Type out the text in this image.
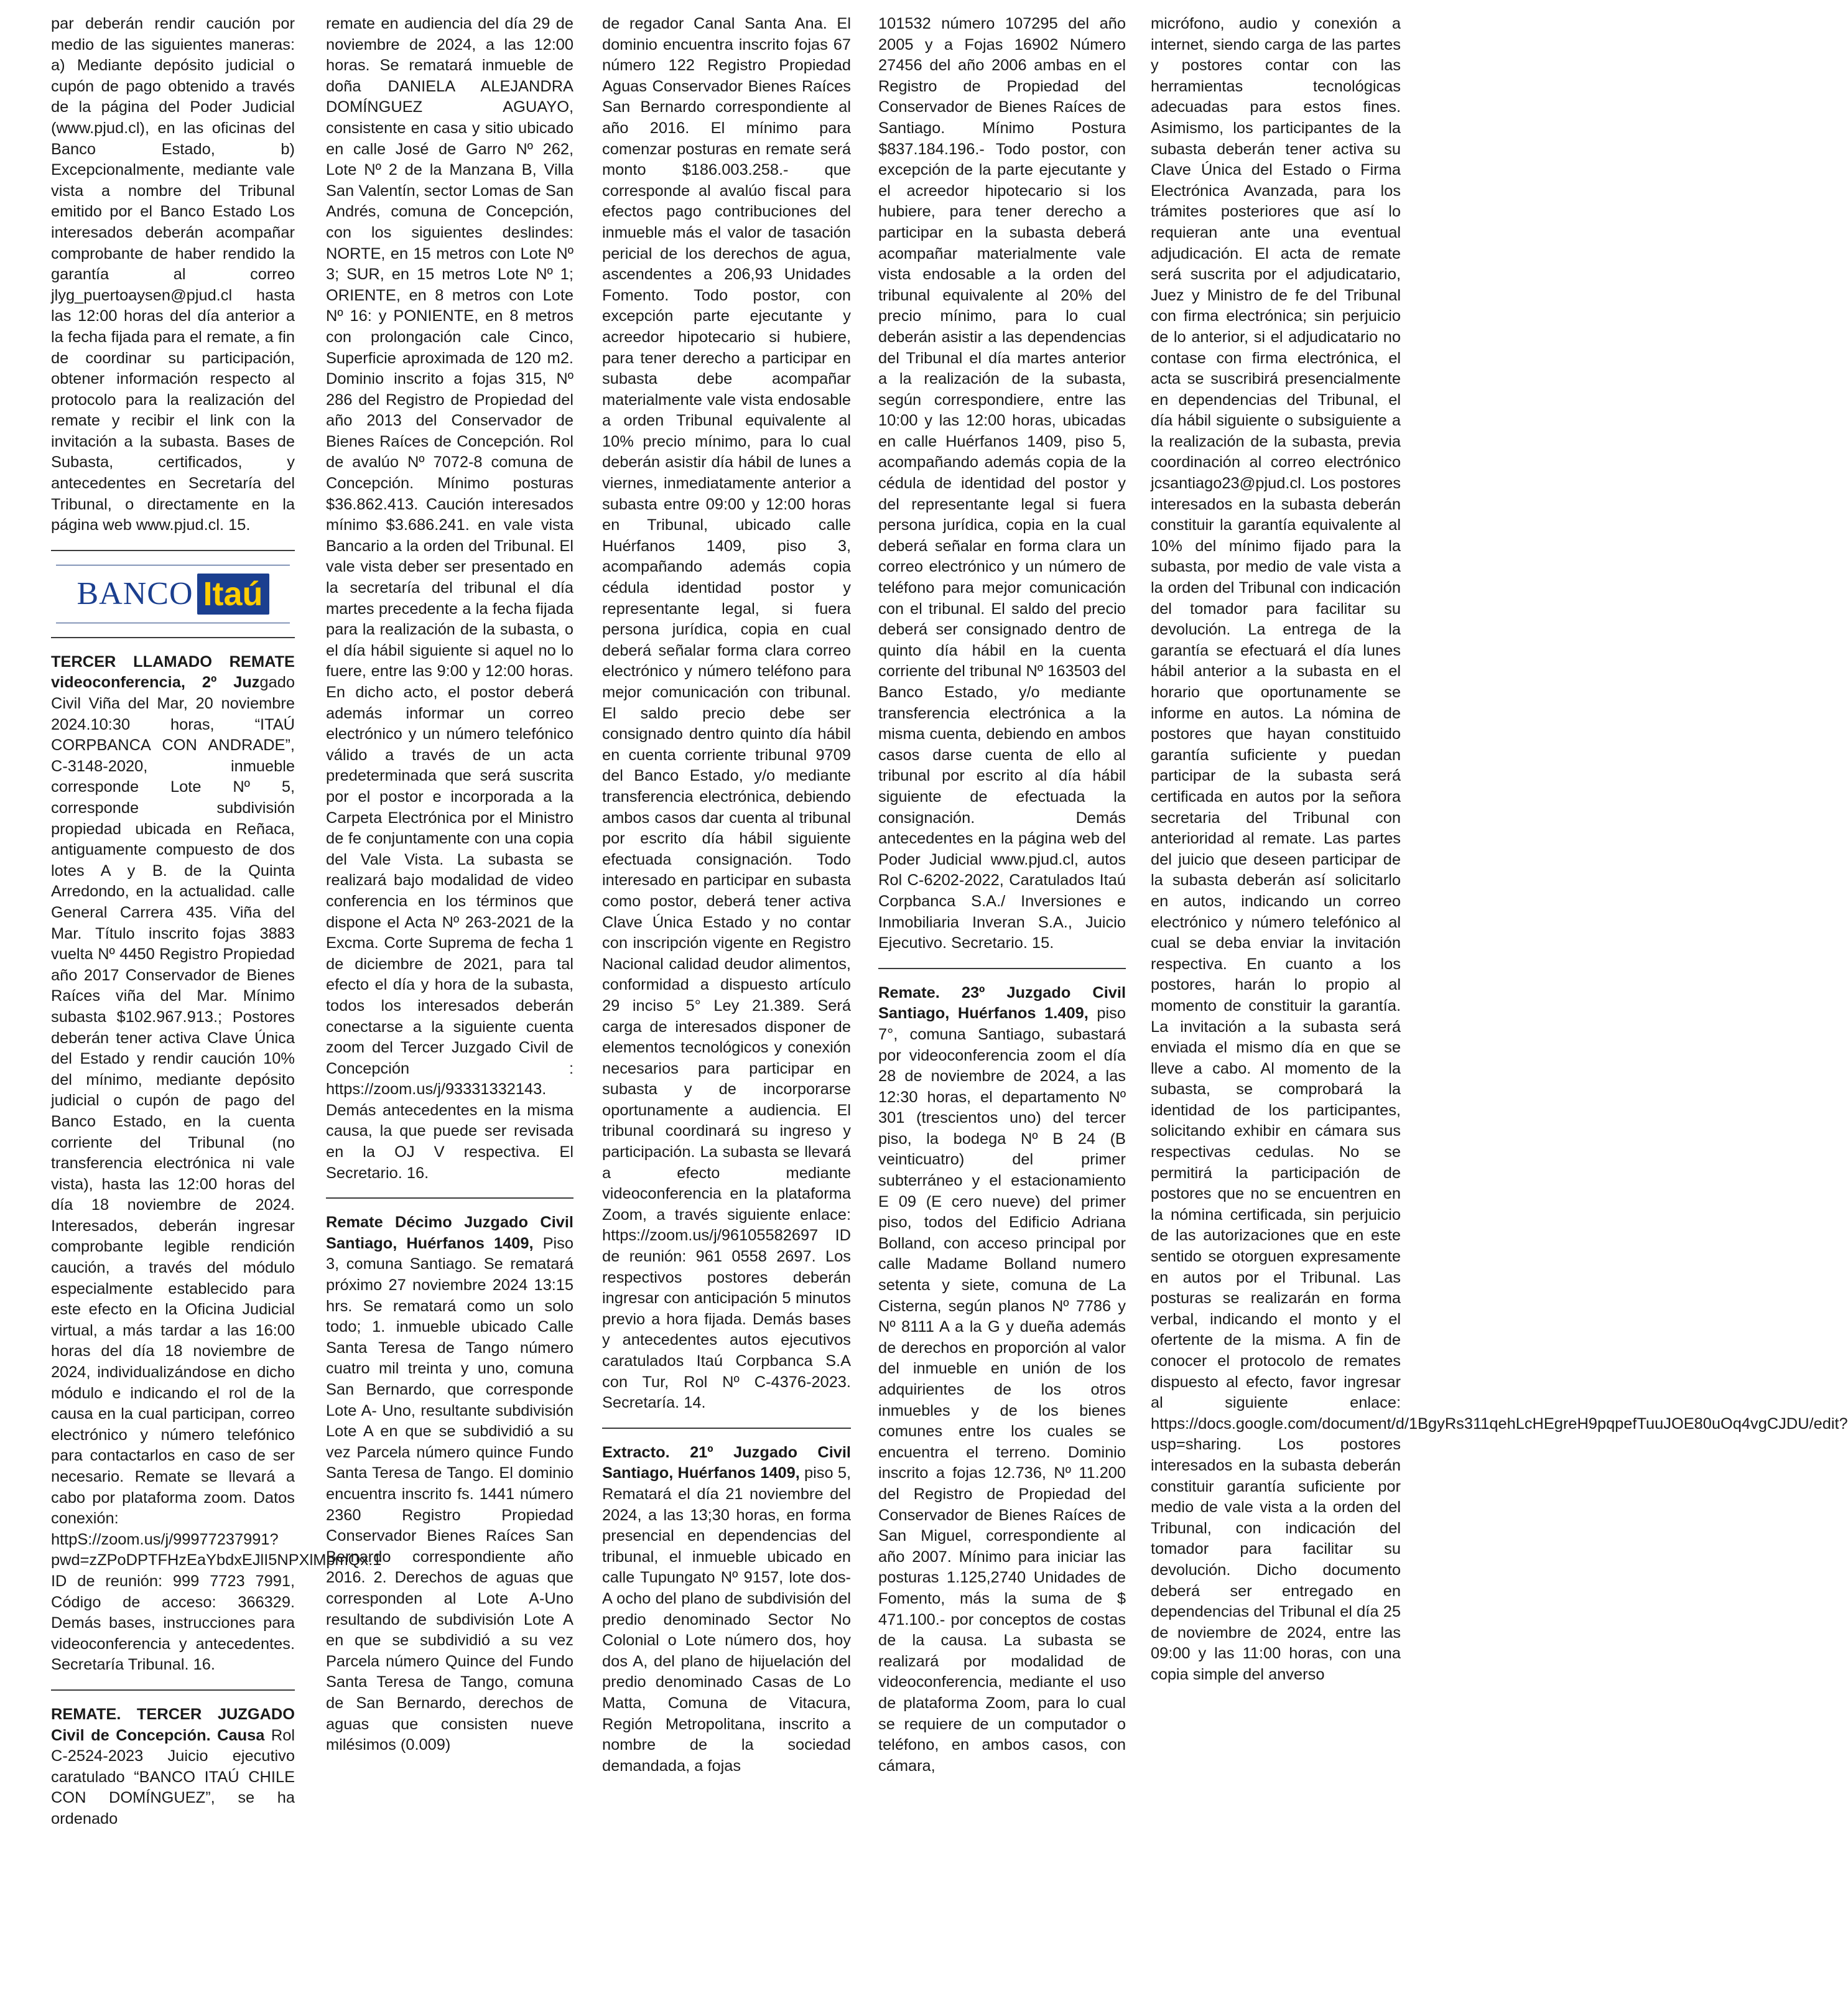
par deberán rendir caución por medio de las siguientes maneras: a) Mediante depósito judicial o cupón de pago obtenido a través de la página del Poder Judicial (www.pjud.cl), en las oficinas del Banco Estado, b) Excepcionalmente, mediante vale vista a nombre del Tribunal emitido por el Banco Estado Los interesados deberán acompañar comprobante de haber rendido la garantía al correo jlyg_puertoaysen@pjud.cl hasta las 12:00 horas del día anterior a la fecha fijada para el remate, a fin de coordinar su participación, obtener información respecto al protocolo para la realización del remate y recibir el link con la invitación a la subasta. Bases de Subasta, certificados, y antecedentes en Secretaría del Tribunal, o directamente en la página web www.pjud.cl. 15.

BANCO Itaú

TERCER LLAMADO REMATE videoconferencia, 2º Juzgado Civil Viña del Mar, 20 noviembre 2024.10:30 horas, “ITAÚ CORPBANCA CON ANDRADE”, C-3148-2020, inmueble corresponde Lote Nº 5, corresponde subdivisión propiedad ubicada en Reñaca, antiguamente compuesto de dos lotes A y B. de la Quinta Arredondo, en la actualidad. calle General Carrera 435. Viña del Mar. Título inscrito fojas 3883 vuelta Nº 4450 Registro Propiedad año 2017 Conservador de Bienes Raíces viña del Mar. Mínimo subasta $102.967.913.; Postores deberán tener activa Clave Única del Estado y rendir caución 10% del mínimo, mediante depósito judicial o cupón de pago del Banco Estado, en la cuenta corriente del Tribunal (no transferencia electrónica ni vale vista), hasta las 12:00 horas del día 18 noviembre de 2024. Interesados, deberán ingresar comprobante legible rendición caución, a través del módulo especialmente establecido para este efecto en la Oficina Judicial virtual, a más tardar a las 16:00 horas del día 18 noviembre de 2024, individualizándose en dicho módulo e indicando el rol de la causa en la cual participan, correo electrónico y número telefónico para contactarlos en caso de ser necesario. Remate se llevará a cabo por plataforma zoom. Datos conexión: httpS://zoom.us/j/99977237991?pwd=zZPoDPTFHzEaYbdxEJlI5NPXlMpmQx.1 ID de reunión: 999 7723 7991, Código de acceso: 366329. Demás bases, instrucciones para videoconferencia y antecedentes. Secretaría Tribunal. 16.

REMATE. TERCER JUZGADO Civil de Concepción. Causa Rol C-2524-2023 Juicio ejecutivo caratulado “BANCO ITAÚ CHILE CON DOMÍNGUEZ”, se ha ordenado

remate en audiencia del día 29 de noviembre de 2024, a las 12:00 horas. Se rematará inmueble de doña DANIELA ALEJANDRA DOMÍNGUEZ AGUAYO, consistente en casa y sitio ubicado en calle José de Garro Nº 262, Lote Nº 2 de la Manzana B, Villa San Valentín, sector Lomas de San Andrés, comuna de Concepción, con los siguientes deslindes: NORTE, en 15 metros con Lote Nº 3; SUR, en 15 metros Lote Nº 1; ORIENTE, en 8 metros con Lote Nº 16: y PONIENTE, en 8 metros con prolongación cale Cinco, Superficie aproximada de 120 m2. Dominio inscrito a fojas 315, Nº 286 del Registro de Propiedad del año 2013 del Conservador de Bienes Raíces de Concepción. Rol de avalúo Nº 7072-8 comuna de Concepción. Mínimo posturas $36.862.413. Caución interesados mínimo $3.686.241. en vale vista Bancario a la orden del Tribunal. El vale vista deber ser presentado en la secretaría del tribunal el día martes precedente a la fecha fijada para la realización de la subasta, o el día hábil siguiente si aquel no lo fuere, entre las 9:00 y 12:00 horas. En dicho acto, el postor deberá además informar un correo electrónico y un número telefónico válido a través de un acta predeterminada que será suscrita por el postor e incorporada a la Carpeta Electrónica por el Ministro de fe conjuntamente con una copia del Vale Vista. La subasta se realizará bajo modalidad de video conferencia en los términos que dispone el Acta Nº 263-2021 de la Excma. Corte Suprema de fecha 1 de diciembre de 2021, para tal efecto el día y hora de la subasta, todos los interesados deberán conectarse a la siguiente cuenta zoom del Tercer Juzgado Civil de Concepción : https://zoom.us/j/93331332143. Demás antecedentes en la misma causa, la que puede ser revisada en la OJ V respectiva. El Secretario. 16.

Remate Décimo Juzgado Civil Santiago, Huérfanos 1409, Piso 3, comuna Santiago. Se rematará próximo 27 noviembre 2024 13:15 hrs. Se rematará como un solo todo; 1. inmueble ubicado Calle Santa Teresa de Tango número cuatro mil treinta y uno, comuna San Bernardo, que corresponde Lote A- Uno, resultante subdivisión Lote A en que se subdividió a su vez Parcela número quince Fundo Santa Teresa de Tango. El dominio encuentra inscrito fs. 1441 número 2360 Registro Propiedad Conservador Bienes Raíces San Bernardo correspondiente año 2016. 2. Derechos de aguas que corresponden al Lote A-Uno resultando de subdivisión Lote A en que se subdividió a su vez Parcela número Quince del Fundo Santa Teresa de Tango, comuna de San Bernardo, derechos de aguas que consisten nueve milésimos (0.009)

de regador Canal Santa Ana. El dominio encuentra inscrito fojas 67 número 122 Registro Propiedad Aguas Conservador Bienes Raíces San Bernardo correspondiente al año 2016. El mínimo para comenzar posturas en remate será monto $186.003.258.- que corresponde al avalúo fiscal para efectos pago contribuciones del inmueble más el valor de tasación pericial de los derechos de agua, ascendentes a 206,93 Unidades Fomento. Todo postor, con excepción parte ejecutante y acreedor hipotecario si hubiere, para tener derecho a participar en subasta debe acompañar materialmente vale vista endosable a orden Tribunal equivalente al 10% precio mínimo, para lo cual deberán asistir día hábil de lunes a viernes, inmediatamente anterior a subasta entre 09:00 y 12:00 horas en Tribunal, ubicado calle Huérfanos 1409, piso 3, acompañando además copia cédula identidad postor y representante legal, si fuera persona jurídica, copia en cual deberá señalar forma clara correo electrónico y número teléfono para mejor comunicación con tribunal. El saldo precio debe ser consignado dentro quinto día hábil en cuenta corriente tribunal 9709 del Banco Estado, y/o mediante transferencia electrónica, debiendo ambos casos dar cuenta al tribunal por escrito día hábil siguiente efectuada consignación. Todo interesado en participar en subasta como postor, deberá tener activa Clave Única Estado y no contar con inscripción vigente en Registro Nacional calidad deudor alimentos, conformidad a dispuesto artículo 29 inciso 5° Ley 21.389. Será carga de interesados disponer de elementos tecnológicos y conexión necesarios para participar en subasta y de incorporarse oportunamente a audiencia. El tribunal coordinará su ingreso y participación. La subasta se llevará a efecto mediante videoconferencia en la plataforma Zoom, a través siguiente enlace: https://zoom.us/j/96105582697 ID de reunión: 961 0558 2697. Los respectivos postores deberán ingresar con anticipación 5 minutos previo a hora fijada. Demás bases y antecedentes autos ejecutivos caratulados Itaú Corpbanca S.A con Tur, Rol Nº C-4376-2023. Secretaría. 14.

Extracto. 21º Juzgado Civil Santiago, Huérfanos 1409, piso 5, Rematará el día 21 noviembre del 2024, a las 13;30 horas, en forma presencial en dependencias del tribunal, el inmueble ubicado en calle Tupungato Nº 9157, lote dos-A ocho del plano de subdivisión del predio denominado Sector No Colonial o Lote número dos, hoy dos A, del plano de hijuelación del predio denominado Casas de Lo Matta, Comuna de Vitacura, Región Metropolitana, inscrito a nombre de la sociedad demandada, a fojas

101532 número 107295 del año 2005 y a Fojas 16902 Número 27456 del año 2006 ambas en el Registro de Propiedad del Conservador de Bienes Raíces de Santiago. Mínimo Postura $837.184.196.- Todo postor, con excepción de la parte ejecutante y el acreedor hipotecario si los hubiere, para tener derecho a participar en la subasta deberá acompañar materialmente vale vista endosable a la orden del tribunal equivalente al 20% del precio mínimo, para lo cual deberán asistir a las dependencias del Tribunal el día martes anterior a la realización de la subasta, según correspondiere, entre las 10:00 y las 12:00 horas, ubicadas en calle Huérfanos 1409, piso 5, acompañando además copia de la cédula de identidad del postor y del representante legal si fuera persona jurídica, copia en la cual deberá señalar en forma clara un correo electrónico y un número de teléfono para mejor comunicación con el tribunal. El saldo del precio deberá ser consignado dentro de quinto día hábil en la cuenta corriente del tribunal Nº 163503 del Banco Estado, y/o mediante transferencia electrónica a la misma cuenta, debiendo en ambos casos darse cuenta de ello al tribunal por escrito al día hábil siguiente de efectuada la consignación. Demás antecedentes en la página web del Poder Judicial www.pjud.cl, autos Rol C-6202-2022, Caratulados Itaú Corpbanca S.A./ Inversiones e Inmobiliaria Inveran S.A., Juicio Ejecutivo. Secretario. 15.

Remate. 23º Juzgado Civil Santiago, Huérfanos 1.409, piso 7°, comuna Santiago, subastará por videoconferencia zoom el día 28 de noviembre de 2024, a las 12:30 horas, el departamento Nº 301 (trescientos uno) del tercer piso, la bodega Nº B 24 (B veinticuatro) del primer subterráneo y el estacionamiento E 09 (E cero nueve) del primer piso, todos del Edificio Adriana Bolland, con acceso principal por calle Madame Bolland numero setenta y siete, comuna de La Cisterna, según planos Nº 7786 y Nº 8111 A a la G y dueña además de derechos en proporción al valor del inmueble en unión de los adquirientes de los otros inmuebles y de los bienes comunes entre los cuales se encuentra el terreno. Dominio inscrito a fojas 12.736, Nº 11.200 del Registro de Propiedad del Conservador de Bienes Raíces de San Miguel, correspondiente al año 2007. Mínimo para iniciar las posturas 1.125,2740 Unidades de Fomento, más la suma de $ 471.100.- por conceptos de costas de la causa. La subasta se realizará por modalidad de videoconferencia, mediante el uso de plataforma Zoom, para lo cual se requiere de un computador o teléfono, en ambos casos, con cámara,

micrófono, audio y conexión a internet, siendo carga de las partes y postores contar con las herramientas tecnológicas adecuadas para estos fines. Asimismo, los participantes de la subasta deberán tener activa su Clave Única del Estado o Firma Electrónica Avanzada, para los trámites posteriores que así lo requieran ante una eventual adjudicación. El acta de remate será suscrita por el adjudicatario, Juez y Ministro de fe del Tribunal con firma electrónica; sin perjuicio de lo anterior, si el adjudicatario no contase con firma electrónica, el acta se suscribirá presencialmente en dependencias del Tribunal, el día hábil siguiente o subsiguiente a la realización de la subasta, previa coordinación al correo electrónico jcsantiago23@pjud.cl. Los postores interesados en la subasta deberán constituir la garantía equivalente al 10% del mínimo fijado para la subasta, por medio de vale vista a la orden del Tribunal con indicación del tomador para facilitar su devolución. La entrega de la garantía se efectuará el día lunes hábil anterior a la subasta en el horario que oportunamente se informe en autos. La nómina de postores que hayan constituido garantía suficiente y puedan participar de la subasta será certificada en autos por la señora secretaria del Tribunal con anterioridad al remate. Las partes del juicio que deseen participar de la subasta deberán así solicitarlo en autos, indicando un correo electrónico y número telefónico al cual se deba enviar la invitación respectiva. En cuanto a los postores, harán lo propio al momento de constituir la garantía. La invitación a la subasta será enviada el mismo día en que se lleve a cabo. Al momento de la subasta, se comprobará la identidad de los participantes, solicitando exhibir en cámara sus respectivas cedulas. No se permitirá la participación de postores que no se encuentren en la nómina certificada, sin perjuicio de las autorizaciones que en este sentido se otorguen expresamente en autos por el Tribunal. Las posturas se realizarán en forma verbal, indicando el monto y el ofertente de la misma. A fin de conocer el protocolo de remates dispuesto al efecto, favor ingresar al siguiente enlace: https://docs.google.com/document/d/1BgyRs311qehLcHEgreH9pqpefTuuJOE80uOq4vgCJDU/edit?usp=sharing. Los postores interesados en la subasta deberán constituir garantía suficiente por medio de vale vista a la orden del Tribunal, con indicación del tomador para facilitar su devolución. Dicho documento deberá ser entregado en dependencias del Tribunal el día 25 de noviembre de 2024, entre las 09:00 y las 11:00 horas, con una copia simple del anverso
